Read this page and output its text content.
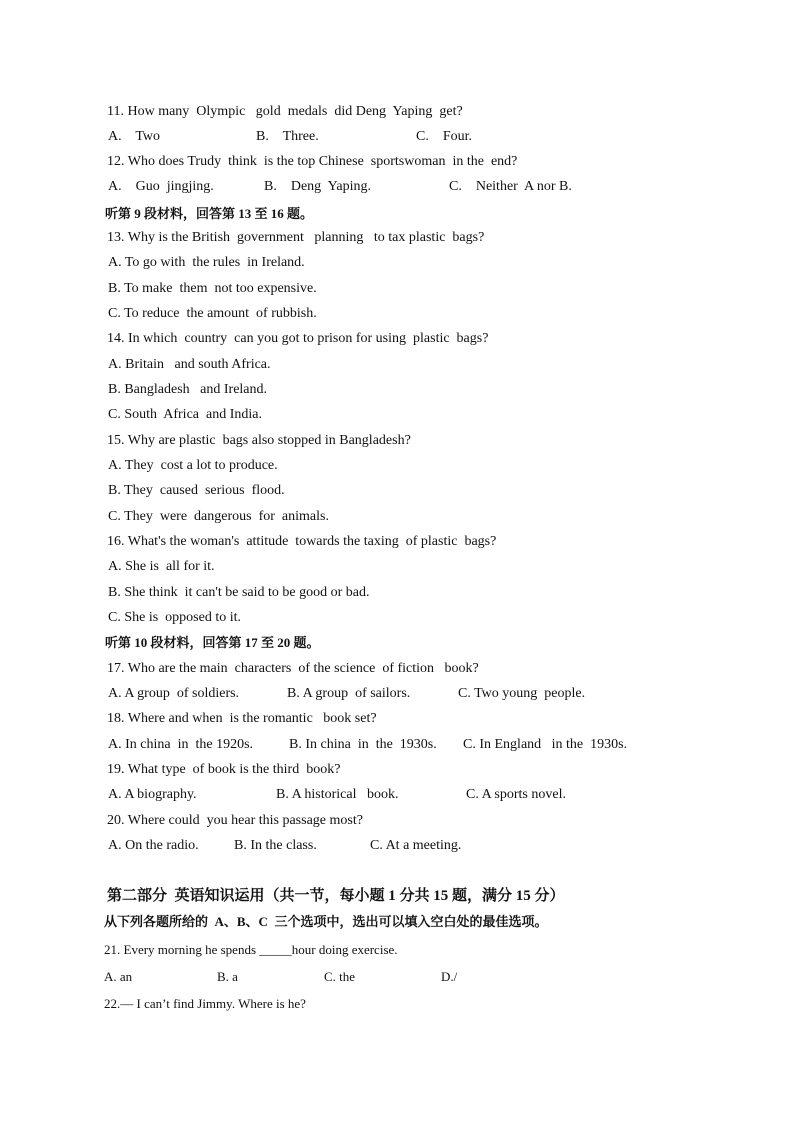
11. How many  Olympic   gold  medals  did Deng  Yaping  get?
A.    Two	B.    Three.	C.    Four.
12. Who does Trudy  think  is the top Chinese  sportswoman  in the  end?
A.    Guo  jingjing.	B.    Deng  Yaping.	C.    Neither  A nor B.
听第 9 段材料，回答第 13 至 16 题。
13. Why is the British  government   planning   to tax plastic  bags?
A. To go with  the rules  in Ireland.
B. To make  them  not too expensive.
C. To reduce  the amount  of rubbish.
14. In which  country  can you got to prison for using  plastic  bags?
A. Britain   and south Africa.
B. Bangladesh   and Ireland.
C. South  Africa  and India.
15. Why are plastic  bags also stopped in Bangladesh?
A. They  cost a lot to produce.
B. They  caused  serious  flood.
C. They  were  dangerous  for  animals.
16. What's the woman's  attitude  towards the taxing  of plastic  bags?
A. She is  all for it.
B. She think  it can't be said to be good or bad.
C. She is  opposed to it.
听第 10 段材料，回答第 17 至 20 题。
17. Who are the main  characters  of the science  of fiction   book?
A. A group  of soldiers.	B. A group  of sailors.	C. Two young  people.
18. Where and when  is the romantic   book set?
A. In china  in  the 1920s.	B. In china  in  the  1930s. C. In England   in the  1930s.
19. What type  of book is the third  book?
A. A biography.	B. A historical   book.	C. A sports novel.
20. Where could  you hear this passage most?
A. On the radio.	B. In the class.	C. At a meeting.
第二部分  英语知识运用（共一节，每小题 1 分共 15 题，满分 15 分）
从下列各题所给的  A、B、C  三个选项中，选出可以填入空白处的最佳选项。
21. Every morning he spends _____hour doing exercise.
A. an	B. a	C. the	D./
22.— I can’t find Jimmy. Where is he?
